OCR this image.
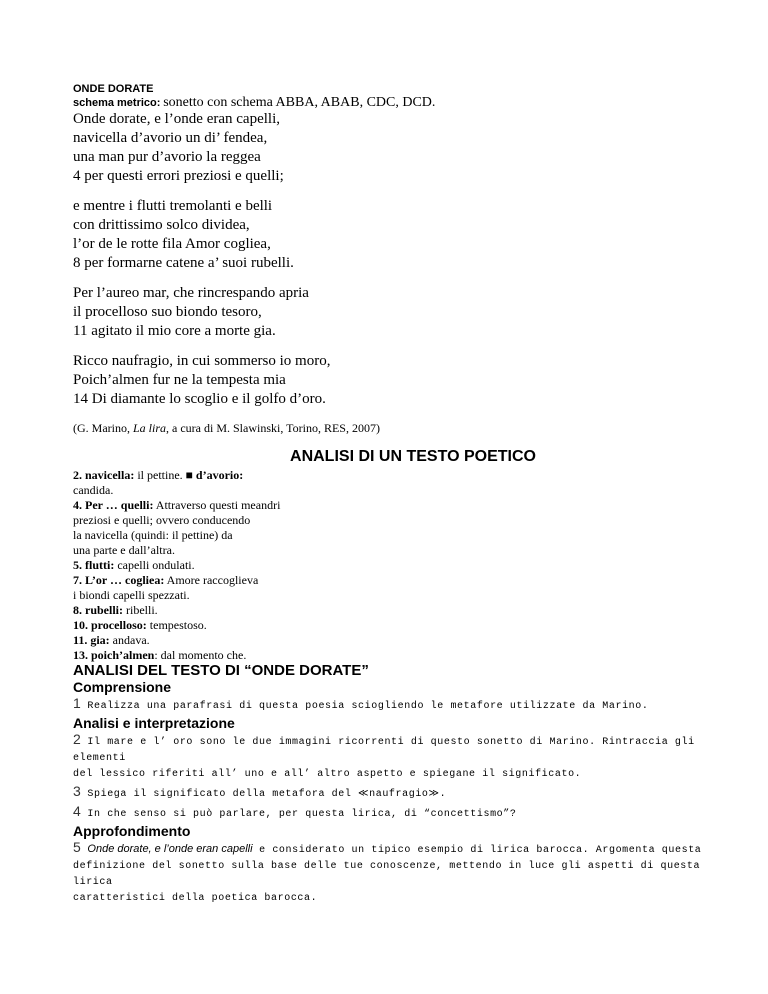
ONDE DORATE
schema metrico: sonetto con schema ABBA, ABAB, CDC, DCD.
Onde dorate, e l’onde eran capelli,
navicella d’avorio un di’ fendea,
una man pur d’avorio la reggea
4 per questi errori preziosi e quelli;
e mentre i flutti tremolanti e belli
con drittissimo solco dividea,
l’or de le rotte fila Amor cogliea,
8 per formarne catene a’ suoi rubelli.
Per l’aureo mar, che rincrespando apria
il procelloso suo biondo tesoro,
11 agitato il mio core a morte gia.
Ricco naufragio, in cui sommerso io moro,
Poich’almen fur ne la tempesta mia
14 Di diamante lo scoglio e il golfo d’oro.
(G. Marino, La lira, a cura di M. Slawinski, Torino, RES, 2007)
ANALISI DI UN TESTO POETICO
2. navicella: il pettine. ■ d’avorio:
candida.
4. Per … quelli: Attraverso questi meandri
preziosi e quelli; ovvero conducendo
la navicella (quindi: il pettine) da
una parte e dall’altra.
5. flutti: capelli ondulati.
7. L’or … cogliea: Amore raccoglieva
i biondi capelli spezzati.
8. rubelli: ribelli.
10. procelloso: tempestoso.
11. gia: andava.
13. poich’almen: dal momento che.
ANALISI DEL TESTO DI “ONDE DORATE”
Comprensione
1 Realizza una parafrasi di questa poesia sciogliendo le metafore utilizzate da Marino.
Analisi e interpretazione
2 Il mare e l’ oro sono le due immagini ricorrenti di questo sonetto di Marino. Rintraccia gli elementi
del lessico riferiti all’ uno e all’ altro aspetto e spiegane il significato.
3 Spiega il significato della metafora del ≪naufragio≫.
4 In che senso si può parlare, per questa lirica, di “concettismo”?
Approfondimento
5 Onde dorate, e l’onde eran capelli e considerato un tipico esempio di lirica barocca. Argomenta questa
definizione del sonetto sulla base delle tue conoscenze, mettendo in luce gli aspetti di questa lirica
caratteristici della poetica barocca.
